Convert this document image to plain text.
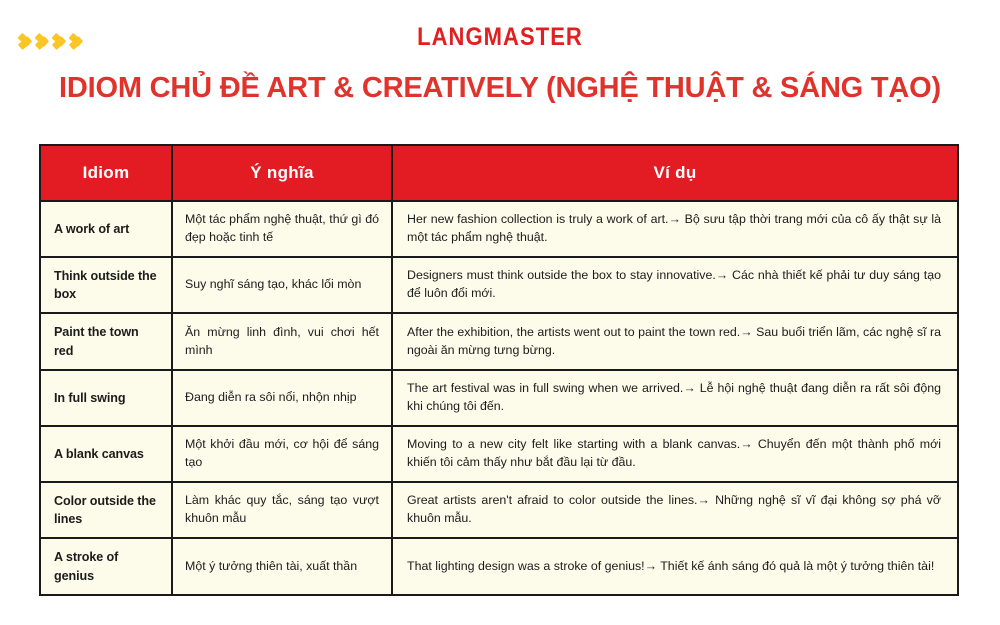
LANGMASTER
IDIOM CHỦ ĐỀ ART & CREATIVELY (NGHỆ THUẬT & SÁNG TẠO)
Idiom	Ý nghĩa	Ví dụ
A work of art	Một tác phẩm nghệ thuật, thứ gì đó đẹp hoặc tinh tế	Her new fashion collection is truly a work of art.→ Bộ sưu tập thời trang mới của cô ấy thật sự là một tác phẩm nghệ thuật.
Think outside the box	Suy nghĩ sáng tạo, khác lối mòn	Designers must think outside the box to stay innovative.→ Các nhà thiết kế phải tư duy sáng tạo để luôn đổi mới.
Paint the town red	Ăn mừng linh đình, vui chơi hết mình	After the exhibition, the artists went out to paint the town red.→ Sau buổi triển lãm, các nghệ sĩ ra ngoài ăn mừng tưng bừng.
In full swing	Đang diễn ra sôi nổi, nhộn nhịp	The art festival was in full swing when we arrived.→ Lễ hội nghệ thuật đang diễn ra rất sôi động khi chúng tôi đến.
A blank canvas	Một khởi đầu mới, cơ hội để sáng tạo	Moving to a new city felt like starting with a blank canvas.→ Chuyển đến một thành phố mới khiến tôi cảm thấy như bắt đầu lại từ đầu.
Color outside the lines	Làm khác quy tắc, sáng tạo vượt khuôn mẫu	Great artists aren't afraid to color outside the lines.→ Những nghệ sĩ vĩ đại không sợ phá vỡ khuôn mẫu.
A stroke of genius	Một ý tưởng thiên tài, xuất thần	That lighting design was a stroke of genius!→ Thiết kế ánh sáng đó quả là một ý tưởng thiên tài!
